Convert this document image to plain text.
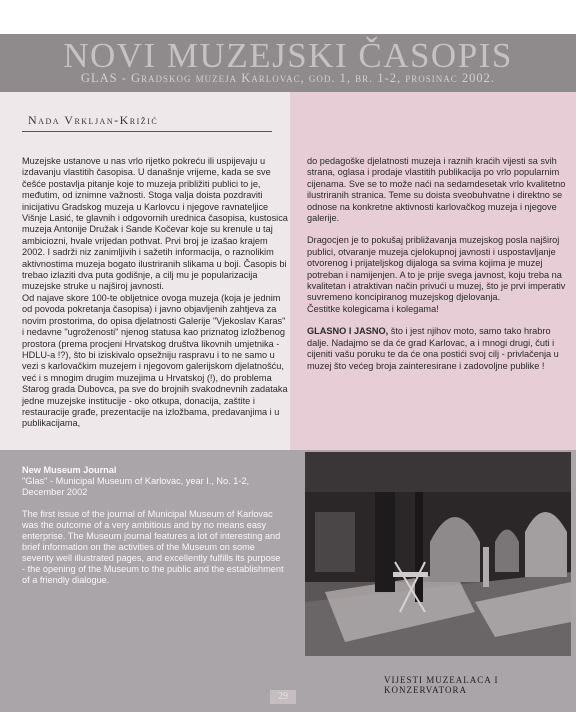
NOVI MUZEJSKI ČASOPIS
GLAS - Gradskog muzeja Karlovac, god. 1, br. 1-2, prosinac 2002.
Nada Vrkljan-Križić

Muzejske ustanove u nas vrlo rijetko pokreću ili uspijevaju u izdavanju vlastitih časopisa. U današnje vrijeme, kada se sve češće postavlja pitanje koje to muzeja približiti publici to je, međutim, od iznimne važnosti. Stoga valja doista pozdraviti inicijativu Gradskog muzeja u Karlovcu i njegove ravnateljice Višnje Lasić, te glavnih i odgovornih urednica časopisa, kustosica muzeja Antonije Družak i Sande Kočevar koje su krenule u taj ambiciozni, hvale vrijedan pothvat. Prvi broj je izašao krajem 2002. I sadrži niz zanimljivih i sažetih informacija, o raznolikim aktivnostima muzeja bogato ilustriranih slikama u boji. Časopis bi trebao izlaziti dva puta godišnje, a cilj mu je popularizacija muzejske struke u najširoj javnosti.

Od najave skore 100-te obljetnice ovoga muzeja (koja je jednim od povoda pokretanja časopisa) i javno objavljenih zahtjeva za novim prostorima, do opisa djelatnosti Galerije "Vjekoslav Karas" i nedavne "ugroženosti" njenog statusa kao priznatog izložbenog prostora (prema procjeni Hrvatskog društva likovnih umjetnika - HDLU-a !?), što bi iziskivalo opsežniju raspravu i to ne samo u vezi s karlovačkim muzejem i njegovom galerijskom djelatnošću, već i s mnogim drugim muzejima u Hrvatskoj (!), do problema Starog grada Dubovca, pa sve do brojnih svakodnevnih zadataka jedne muzejske institucije - oko otkupa, donacija, zaštite i restauracije građe, prezentacije na izložbama, predavanjima i u publikacijama,

do pedagoške djelatnosti muzeja i raznih kraćih vijesti sa svih strana, oglasa i prodaje vlastitih publikacija po vrlo popularnim cijenama. Sve se to može naći na sedamdesetak vrlo kvalitetno ilustriranih stranica. Teme su doista sveobuhvatne i direktno se odnose na konkretne aktivnosti karlovačkog muzeja i njegove galerije.

Dragocjen je to pokušaj približavanja muzejskog posla najširoj publici, otvaranje muzeja cjelokupnoj javnosti i uspostavljanje otvorenog i prijateljskog dijaloga sa svima kojima je muzej potreban i namijenjen. A to je prije svega javnost, koju treba na kvalitetan i atraktivan način privući u muzej, što je prvi imperativ suvremeno koncipiranog muzejskog djelovanja.

Čestitke kolegicama i kolegama!

GLASNO I JASNO, što i jest njihov moto, samo tako hrabro dalje. Nadajmo se da će grad Karlovac, a i mnogi drugi, čuti i cijeniti vašu poruku te da će ona postići svoj cilj - privlačenja u muzej što većeg broja zainteresirane i zadovoljne publike !

New Museum Journal
"Glas" - Municipal Museum of Karlovac, year I., No. 1-2, December 2002
The first issue of the journal of Municipal Museum of Karlovac was the outcome of a very ambitious and by no means easy enterprise. The Museum journal features a lot of interesting and brief information on the activities of the Museum on some seventy well illustrated pages, and excellently fulfills its purpose - the opening of the Museum to the public and the establishment of a friendly dialogue.
VIJESTI MUZEALACA I KONZERVATORA
29
